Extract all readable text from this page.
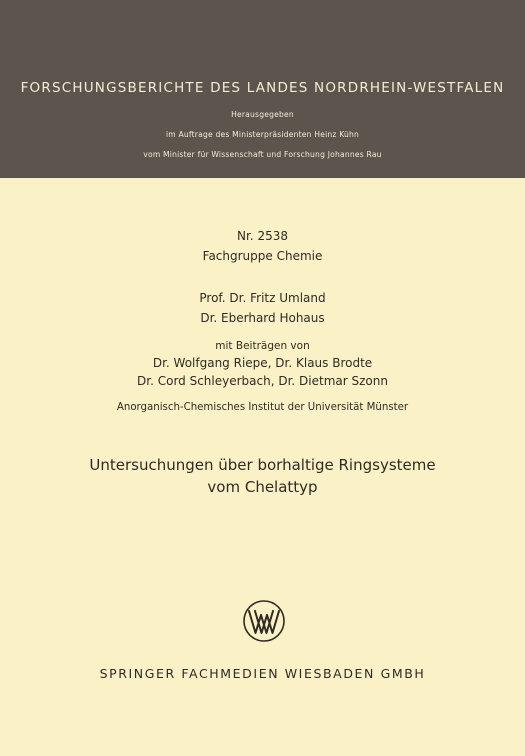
FORSCHUNGSBERICHTE DES LANDES NORDRHEIN-WESTFALEN
Herausgegeben
im Auftrage des Ministerpräsidenten Heinz Kühn
vom Minister für Wissenschaft und Forschung Johannes Rau
Nr. 2538
Fachgruppe Chemie
Prof. Dr. Fritz Umland
Dr. Eberhard Hohaus
mit Beiträgen von
Dr. Wolfgang Riepe, Dr. Klaus Brodte
Dr. Cord Schleyerbach, Dr. Dietmar Szonn
Anorganisch-Chemisches Institut der Universität Münster
Untersuchungen über borhaltige Ringsysteme
vom Chelattyp
SPRINGER FACHMEDIEN WIESBADEN GMBH
